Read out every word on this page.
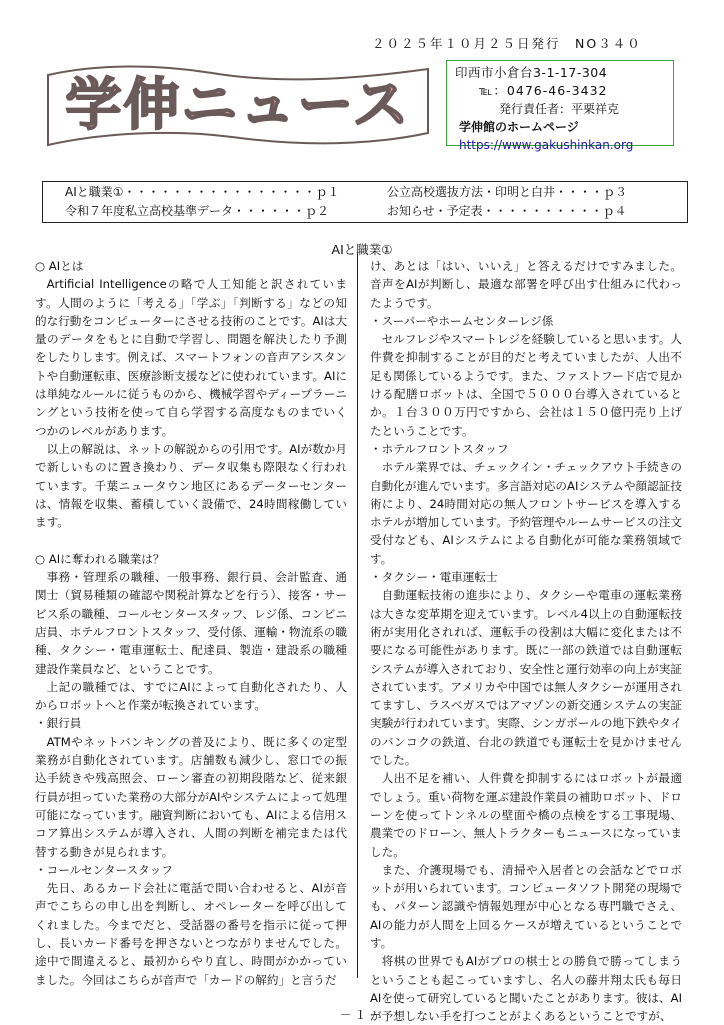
２０２５年１０月２５日発行　NO３４０
学伸ニュース
印西市小倉台3-1-17-304
℡：0476-46-3432
発行責任者：平栗祥克
学伸館のホームページ
https://www.gakushinkan.org
AIと職業①・・・・・・・・・・・・・・・・ｐ１	公立高校選抜方法・印明と白井・・・・ｐ３
令和７年度私立高校基準データ・・・・・・ｐ２	お知らせ・予定表・・・・・・・・・・ｐ４
AIと職業①

○ AIとは

Artificial Intelligenceの略で人工知能と訳されています。人間のように「考える」「学ぶ」「判断する」などの知的な行動をコンピューターにさせる技術のことです。AIは大量のデータをもとに自動で学習し、問題を解決したり予測をしたりします。例えば、スマートフォンの音声アシスタントや自動運転車、医療診断支援などに使われています。AIには単純なルールに従うものから、機械学習やディープラーニングという技術を使って自ら学習する高度なものまでいくつかのレベルがあります。

以上の解説は、ネットの解説からの引用です。AIが数か月で新しいものに置き換わり、データ収集も際限なく行われています。千葉ニュータウン地区にあるデーターセンターは、情報を収集、蓄積していく設備で、24時間稼働しています。

○ AIに奪われる職業は？

事務・管理系の職種、一般事務、銀行員、会計監査、通関士（貿易種類の確認や関税計算などを行う）、接客・サービス系の職種、コールセンタースタッフ、レジ係、コンビニ店員、ホテルフロントスタッフ、受付係、運輸・物流系の職種、タクシー・電車運転士、配達員、製造・建設系の職種建設作業員など、ということです。

上記の職種では、すでにAIによって自動化されたり、人からロボットへと作業が転換されています。

・銀行員

ATMやネットバンキングの普及により、既に多くの定型業務が自動化されています。店舗数も減少し、窓口での振込手続きや残高照会、ローン審査の初期段階など、従来銀行員が担っていた業務の大部分がAIやシステムによって処理可能になっています。融資判断においても、AIによる信用スコア算出システムが導入され、人間の判断を補完または代替する動きが見られます。

・コールセンタースタッフ

先日、あるカード会社に電話で問い合わせると、AIが音声でこちらの申し出を判断し、オペレーターを呼び出してくれました。今までだと、受話器の番号を指示に従って押し、長いカード番号を押さないとつながりませんでした。途中で間違えると、最初からやり直し、時間がかかっていました。今回はこちらが音声で「カードの解約」と言うだ

け、あとは「はい、いいえ」と答えるだけですみました。音声をAIが判断し、最適な部署を呼び出す仕組みに代わったようです。

・スーパーやホームセンターレジ係

セルフレジやスマートレジを経験していると思います。人件費を抑制することが目的だと考えていましたが、人出不足も関係しているようです。また、ファストフード店で見かける配膳ロボットは、全国で５０００台導入されているとか。１台３００万円ですから、会社は１５０億円売り上げたということです。

・ホテルフロントスタッフ

ホテル業界では、チェックイン・チェックアウト手続きの自動化が進んでいます。多言語対応のAIシステムや顔認証技術により、24時間対応の無人フロントサービスを導入するホテルが増加しています。予約管理やルームサービスの注文受付なども、AIシステムによる自動化が可能な業務領域です。

・タクシー・電車運転士

自動運転技術の進歩により、タクシーや電車の運転業務は大きな変革期を迎えています。レベル4以上の自動運転技術が実用化されれば、運転手の役割は大幅に変化または不要になる可能性があります。既に一部の鉄道では自動運転システムが導入されており、安全性と運行効率の向上が実証されています。アメリカや中国では無人タクシーが運用されてますし、ラスベガスではアマゾンの新交通システムの実証実験が行われています。実際、シンガポールの地下鉄やタイのバンコクの鉄道、台北の鉄道でも運転士を見かけませんでした。

人出不足を補い、人件費を抑制するにはロボットが最適でしょう。重い荷物を運ぶ建設作業員の補助ロボット、ドローンを使ってトンネルの壁面や橋の点検をする工事現場、農業でのドローン、無人トラクターもニュースになっていました。

また、介護現場でも、清掃や入居者との会話などでロボットが用いられています。コンピュータソフト開発の現場でも、パターン認識や情報処理が中心となる専門職でさえ、AIの能力が人間を上回るケースが増えているということです。

将棋の世界でもAIがプロの棋士との勝負で勝ってしまうということも起こっていますし、名人の藤井翔太氏も毎日AIを使って研究していると聞いたことがあります。彼は、AIが予想しない手を打つことがよくあるということですが、

－１－
